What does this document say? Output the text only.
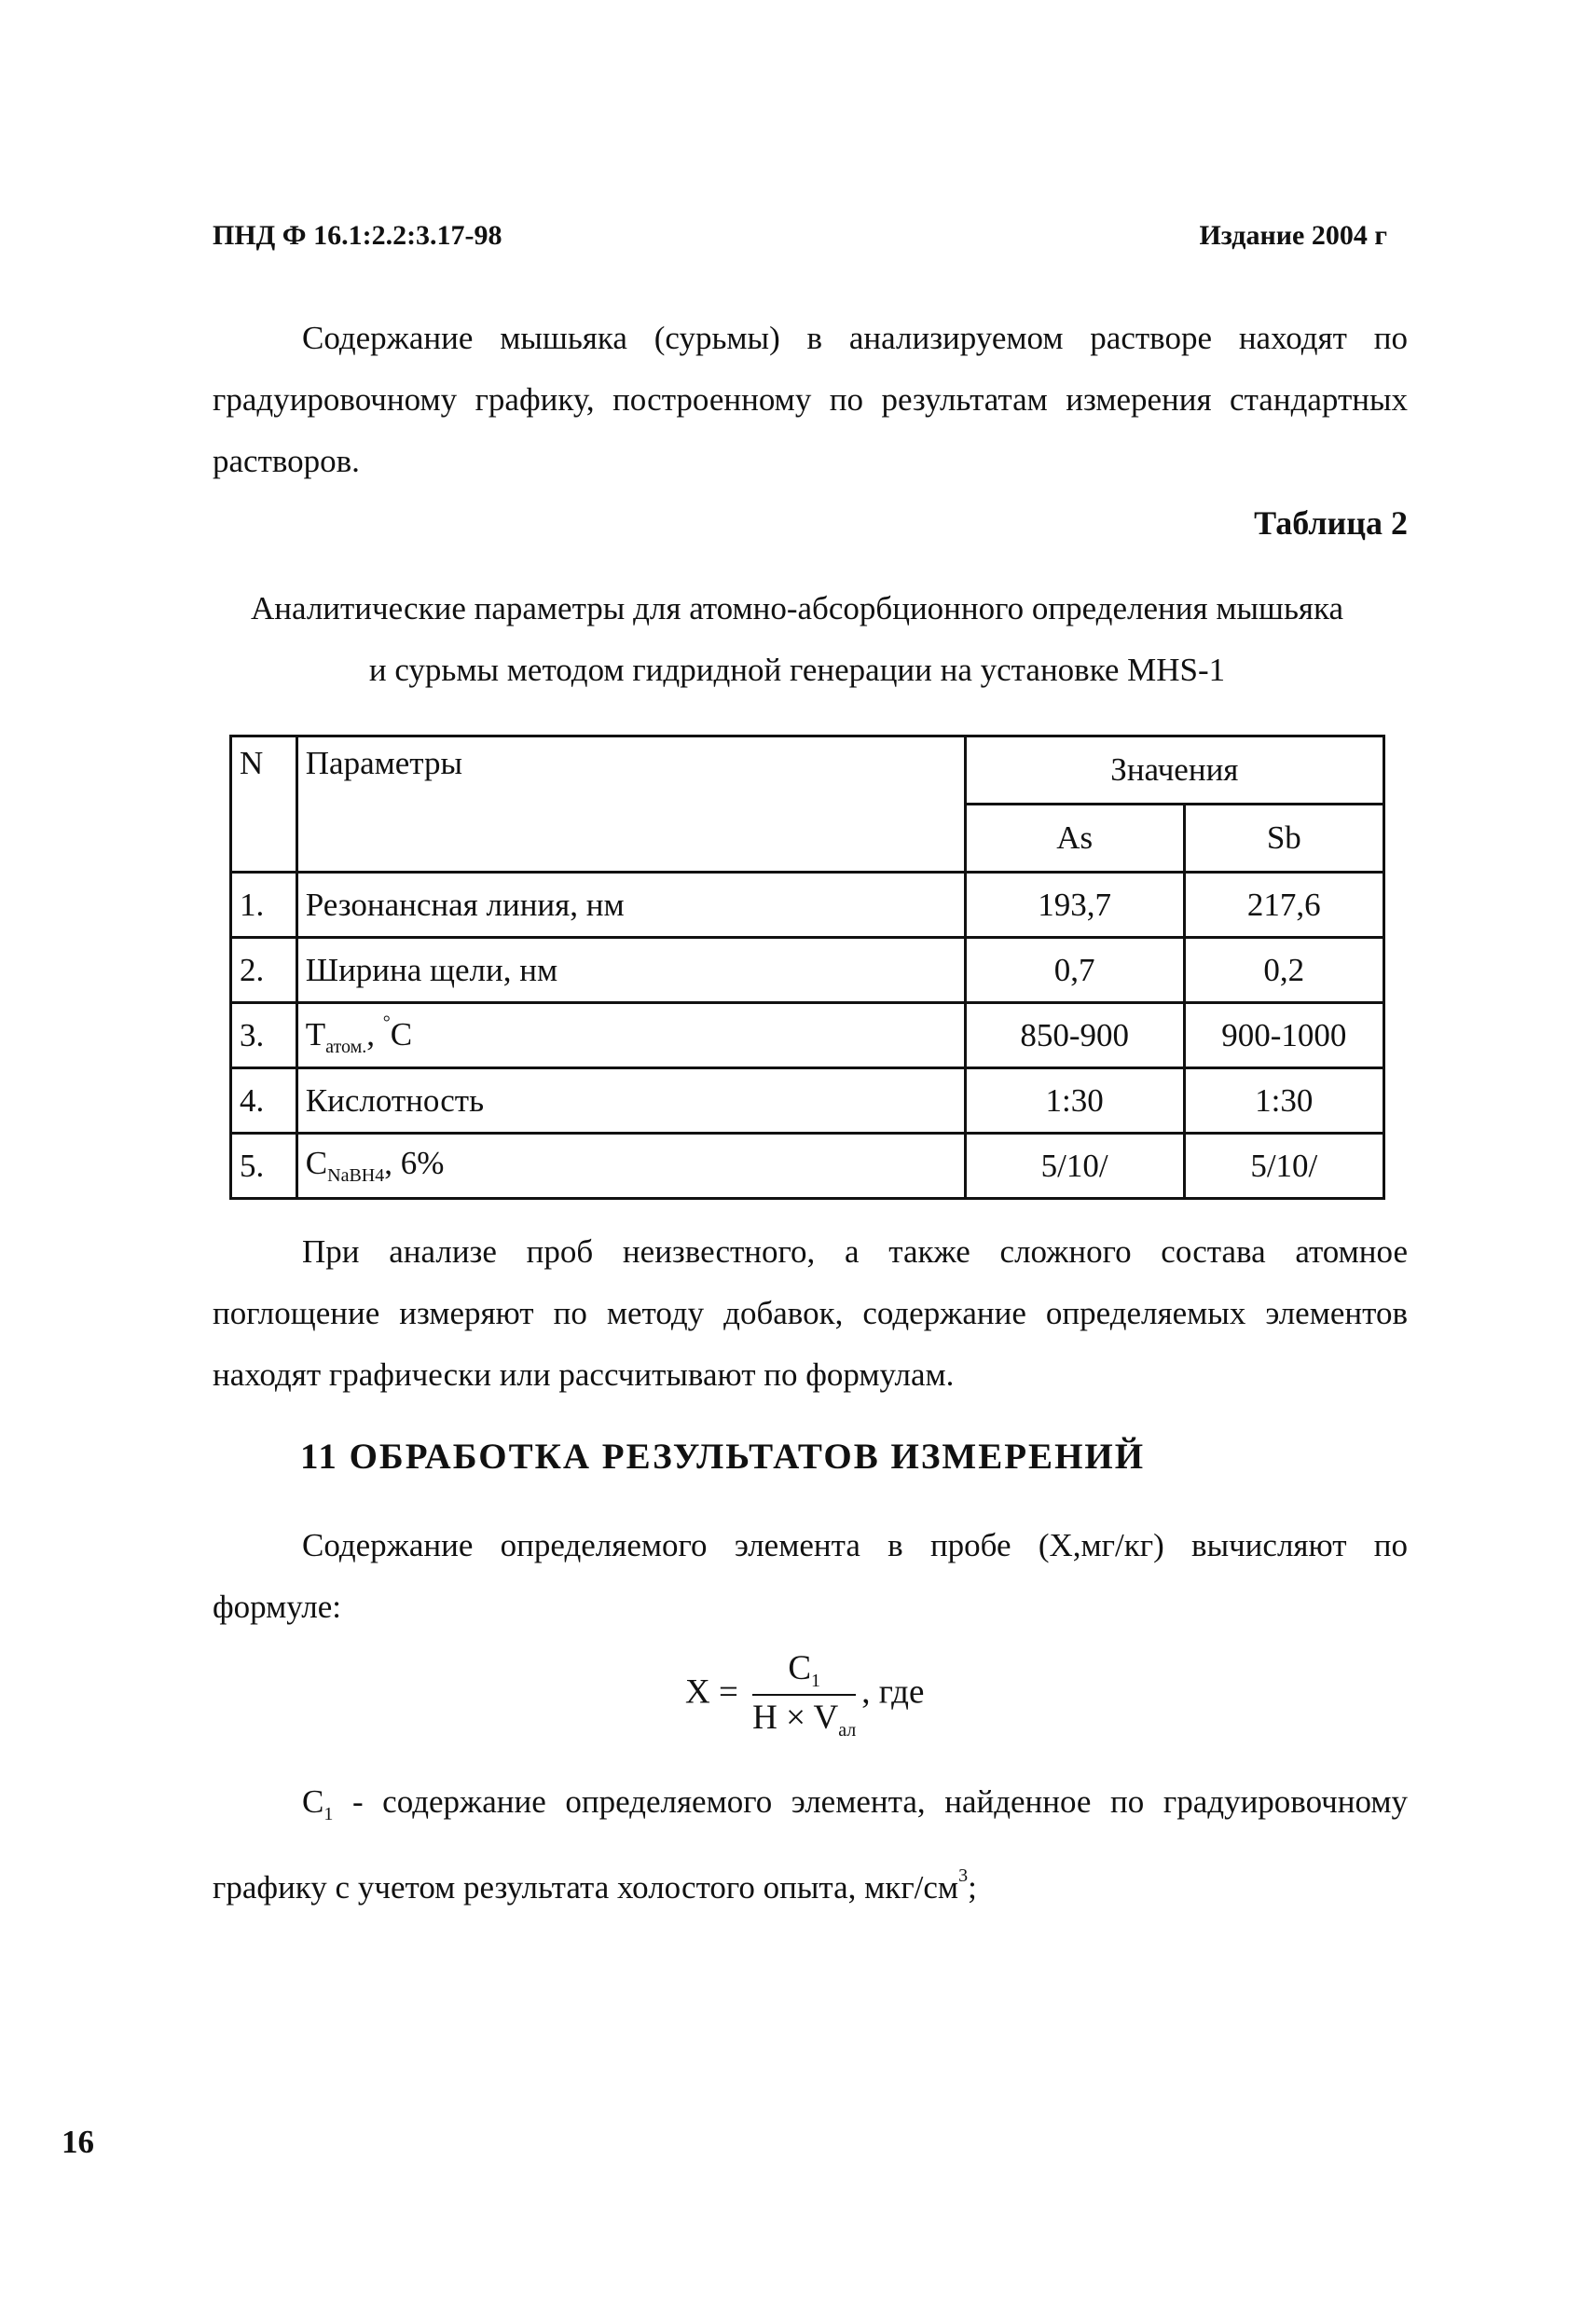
ПНД Ф 16.1:2.2:3.17-98	Издание 2004 г

Содержание мышьяка (сурьмы) в анализируемом растворе находят по градуировочному графику, построенному по результатам измерения стандартных растворов.

Таблица 2
Аналитические параметры для атомно-абсорбционного определения мышьяка
и сурьмы методом гидридной генерации на установке MHS-1
N	Параметры	Значения	
		As	Sb
1.	Резонансная линия, нм	193,7	217,6
2.	Ширина щели, нм	0,7	0,2
3.	$T_{атом.}$, °C	850-900	900-1000
4.	Кислотность	1:30	1:30
5.	$C_{NaBH4}$, 6%	5/10/	5/10/

При анализе проб неизвестного, а также сложного состава атомное поглощение измеряют по методу добавок, содержание определяемых элементов находят графически или рассчитывают по формулам.

11 ОБРАБОТКА РЕЗУЛЬТАТОВ ИЗМЕРЕНИЙ

Содержание определяемого элемента в пробе (X,мг/кг) вычисляют по формуле:

$X = \frac{C_1}{H \times V_{ал}}$ , где

$C_1$ - содержание определяемого элемента, найденное по градуировочному графику с учетом результата холостого опыта, мкг/$см^3$;

16
